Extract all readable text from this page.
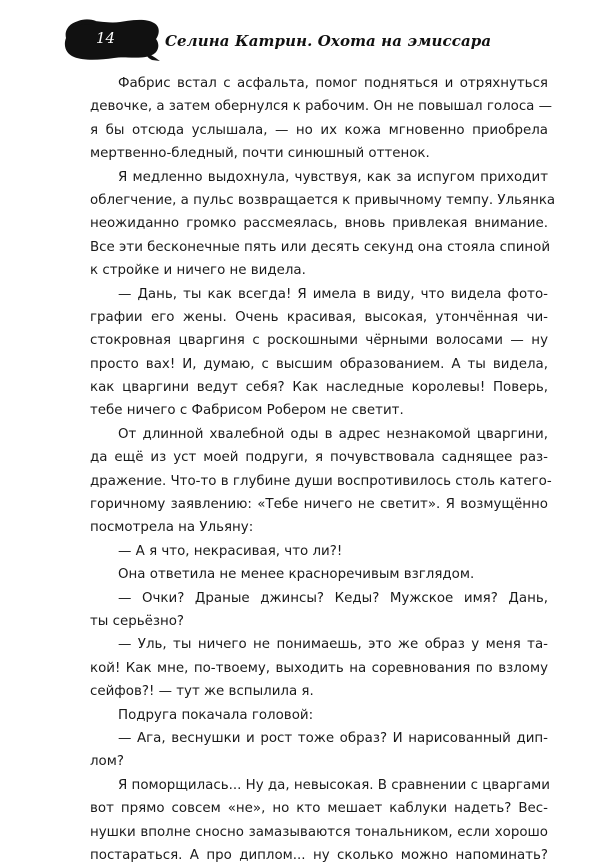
14	Селина Катрин. Охота на эмиссара
Фабрис встал с асфальта, помог подняться и отряхнуться
девочке, а затем обернулся к рабочим. Он не повышал голоса —
я бы отсюда услышала, — но их кожа мгновенно приобрела
мертвенно-бледный, почти синюшный оттенок.
Я медленно выдохнула, чувствуя, как за испугом приходит
облегчение, а пульс возвращается к привычному темпу. Ульянка
неожиданно громко рассмеялась, вновь привлекая внимание.
Все эти бесконечные пять или десять секунд она стояла спиной
к стройке и ничего не видела.
— Дань, ты как всегда! Я имела в виду, что видела фото-
графии его жены. Очень красивая, высокая, утончённая чи-
стокровная цваргиня с роскошными чёрными волосами — ну
просто вах! И, думаю, с высшим образованием. А ты видела,
как цваргини ведут себя? Как наследные королевы! Поверь,
тебе ничего с Фабрисом Робером не светит.
От длинной хвалебной оды в адрес незнакомой цваргини,
да ещё из уст моей подруги, я почувствовала саднящее раз-
дражение. Что-то в глубине души воспротивилось столь катего-
горичному заявлению: «Тебе ничего не светит». Я возмущённо
посмотрела на Ульяну:
— А я что, некрасивая, что ли?!
Она ответила не менее красноречивым взглядом.
— Очки? Драные джинсы? Кеды? Мужское имя? Дань,
ты серьёзно?
— Уль, ты ничего не понимаешь, это же образ у меня та-
кой! Как мне, по-твоему, выходить на соревнования по взлому
сейфов?! — тут же вспылила я.
Подруга покачала головой:
— Ага, веснушки и рост тоже образ? И нарисованный дип-
лом?
Я поморщилась... Ну да, невысокая. В сравнении с цваргами
вот прямо совсем «не», но кто мешает каблуки надеть? Вес-
нушки вполне сносно замазываются тональником, если хорошо
постараться. А про диплом... ну сколько можно напоминать?
